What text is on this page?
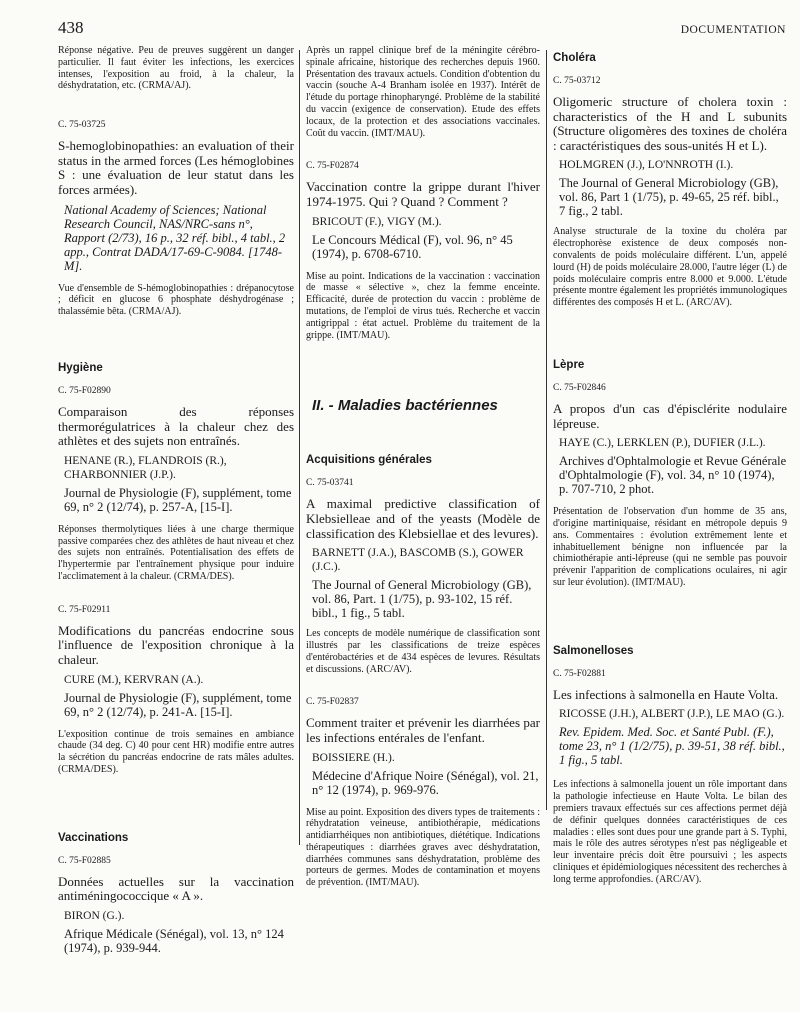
438	DOCUMENTATION

Réponse négative. Peu de preuves suggèrent un danger particulier. Il faut éviter les infections, les exercices intenses, l'exposition au froid, à la chaleur, la déshydratation, etc. (CRMA/AJ).

C. 75-03725

S-hemoglobinopathies: an evaluation of their status in the armed forces (Les hémoglobines S : une évaluation de leur statut dans les forces armées).

National Academy of Sciences; National Research Council, NAS/NRC-sans n°, Rapport (2/73), 16 p., 32 réf. bibl., 4 tabl., 2 app., Contrat DADA/17-69-C-9084. [1748-M].

Vue d'ensemble de S-hémoglobinopathies : drépanocytose ; déficit en glucose 6 phosphate déshydrogénase ; thalassémie bêta. (CRMA/AJ).

Hygiène

C. 75-F02890

Comparaison des réponses thermorégulatrices à la chaleur chez des athlètes et des sujets non entraînés.

HENANE (R.), FLANDROIS (R.), CHARBONNIER (J.P.).

Journal de Physiologie (F), supplément, tome 69, n° 2 (12/74), p. 257-A, [15-I].

Réponses thermolytiques liées à une charge thermique passive comparées chez des athlètes de haut niveau et chez des sujets non entraînés. Potentialisation des effets de l'hypertermie par l'entraînement physique pour induire l'acclimatement à la chaleur. (CRMA/DES).

C. 75-F02911

Modifications du pancréas endocrine sous l'influence de l'exposition chronique à la chaleur.

CURE (M.), KERVRAN (A.).

Journal de Physiologie (F), supplément, tome 69, n° 2 (12/74), p. 241-A. [15-I].

L'exposition continue de trois semaines en ambiance chaude (34 deg. C) 40 pour cent HR) modifie entre autres la sécrétion du pancréas endocrine de rats mâles adultes. (CRMA/DES).

Vaccinations

C. 75-F02885

Données actuelles sur la vaccination antiméningococcique « A ».

BIRON (G.).

Afrique Médicale (Sénégal), vol. 13, n° 124 (1974), p. 939-944.

Après un rappel clinique bref de la méningite cérébro-spinale africaine, historique des recherches depuis 1960. Présentation des travaux actuels. Condition d'obtention du vaccin (souche A-4 Branham isolée en 1937). Intérêt de l'étude du portage rhinopharyngé. Problème de la stabilité du vaccin (exigence de conservation). Etude des effets locaux, de la protection et des associations vaccinales. Coût du vaccin. (IMT/MAU).

C. 75-F02874

Vaccination contre la grippe durant l'hiver 1974-1975. Qui ? Quand ? Comment ?

BRICOUT (F.), VIGY (M.).

Le Concours Médical (F), vol. 96, n° 45 (1974), p. 6708-6710.

Mise au point. Indications de la vaccination : vaccination de masse « sélective », chez la femme enceinte. Efficacité, durée de protection du vaccin : problème de mutations, de l'emploi de virus tués. Recherche et vaccin antigrippal : état actuel. Problème du traitement de la grippe. (IMT/MAU).

II. - Maladies bactériennes

Acquisitions générales

C. 75-03741

A maximal predictive classification of Klebsielleae and of the yeasts (Modèle de classification des Klebsiellae et des levures).

BARNETT (J.A.), BASCOMB (S.), GOWER (J.C.).

The Journal of General Microbiology (GB), vol. 86, Part. 1 (1/75), p. 93-102, 15 réf. bibl., 1 fig., 5 tabl.

Les concepts de modèle numérique de classification sont illustrés par les classifications de treize espèces d'entérobactéries et de 434 espèces de levures. Résultats et discussions. (ARC/AV).

C. 75-F02837

Comment traiter et prévenir les diarrhées par les infections entérales de l'enfant.

BOISSIERE (H.).

Médecine d'Afrique Noire (Sénégal), vol. 21, n° 12 (1974), p. 969-976.

Mise au point. Exposition des divers types de traitements : réhydratation veineuse, antibiothérapie, médications antidiarrhéiques non antibiotiques, diététique. Indications thérapeutiques : diarrhées graves avec déshydratation, diarrhées communes sans déshydratation, problème des porteurs de germes. Modes de contamination et moyens de prévention. (IMT/MAU).

Choléra

C. 75-03712

Oligomeric structure of cholera toxin : characteristics of the H and L subunits (Structure oligomères des toxines de choléra : caractéristiques des sous-unités H et L).

HOLMGREN (J.), LO'NNROTH (I.).

The Journal of General Microbiology (GB), vol. 86, Part 1 (1/75), p. 49-65, 25 réf. bibl., 7 fig., 2 tabl.

Analyse structurale de la toxine du choléra par électrophorèse existence de deux composés non-convalents de poids moléculaire différent. L'un, appelé lourd (H) de poids moléculaire 28.000, l'autre léger (L) de poids moléculaire compris entre 8.000 et 9.000. L'étude présente montre également les propriétés immunologiques différentes des composés H et L. (ARC/AV).

Lèpre

C. 75-F02846

A propos d'un cas d'épisclérite nodulaire lépreuse.

HAYE (C.), LERKLEN (P.), DUFIER (J.L.).

Archives d'Ophtalmologie et Revue Générale d'Ophtalmologie (F), vol. 34, n° 10 (1974), p. 707-710, 2 phot.

Présentation de l'observation d'un homme de 35 ans, d'origine martiniquaise, résidant en métropole depuis 9 ans. Commentaires : évolution extrêmement lente et inhabituellement bénigne non influencée par la chimiothérapie anti-lépreuse (qui ne semble pas pouvoir prévenir l'apparition de complications oculaires, ni agir sur leur évolution). (IMT/MAU).

Salmonelloses

C. 75-F02881

Les infections à salmonella en Haute Volta.

RICOSSE (J.H.), ALBERT (J.P.), LE MAO (G.).

Rev. Epidem. Med. Soc. et Santé Publ. (F.), tome 23, n° 1 (1/2/75), p. 39-51, 38 réf. bibl., 1 fig., 5 tabl.

Les infections à salmonella jouent un rôle important dans la pathologie infectieuse en Haute Volta. Le bilan des premiers travaux effectués sur ces affections permet déjà de définir quelques données caractéristiques de ces maladies : elles sont dues pour une grande part à S. Typhi, mais le rôle des autres sérotypes n'est pas négligeable et leur inventaire précis doit être poursuivi ; les aspects cliniques et épidémiologiques nécessitent des recherches à long terme approfondies. (ARC/AV).
